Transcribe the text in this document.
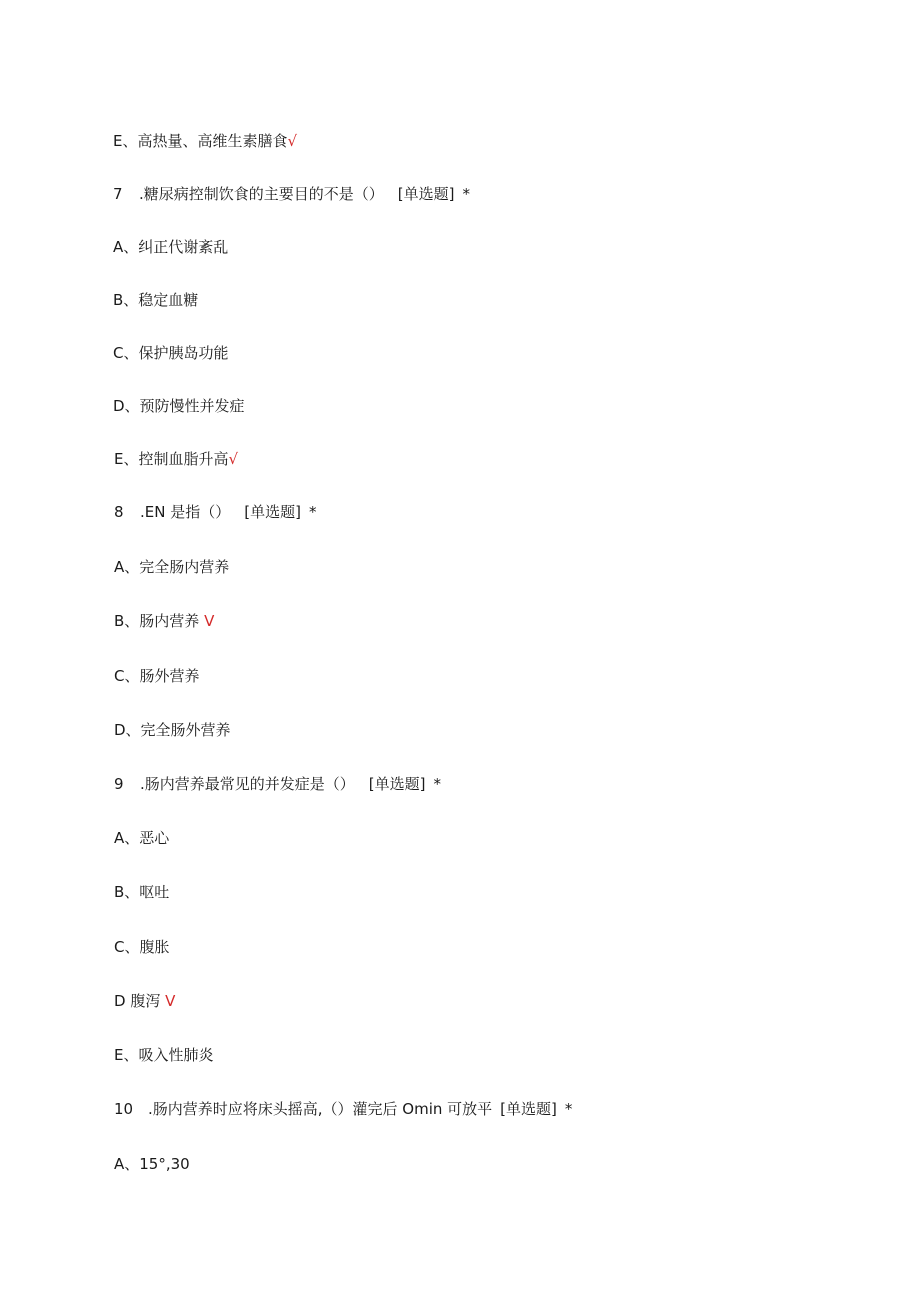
E、高热量、高维生素膳食√
7 .糖尿病控制饮食的主要目的不是（） [单选题] *
A、纠正代谢紊乱
B、稳定血糖
C、保护胰岛功能
D、预防慢性并发症
E、控制血脂升高√
8 .EN 是指（） [单选题] *
A、完全肠内营养
B、肠内营养 V
C、肠外营养
D、完全肠外营养
9 .肠内营养最常见的并发症是（） [单选题] *
A、恶心
B、呕吐
C、腹胀
D 腹泻 V
E、吸入性肺炎
10 .肠内营养时应将床头摇高,（）灌完后 Omin 可放平 [单选题] *
A、15°,30
